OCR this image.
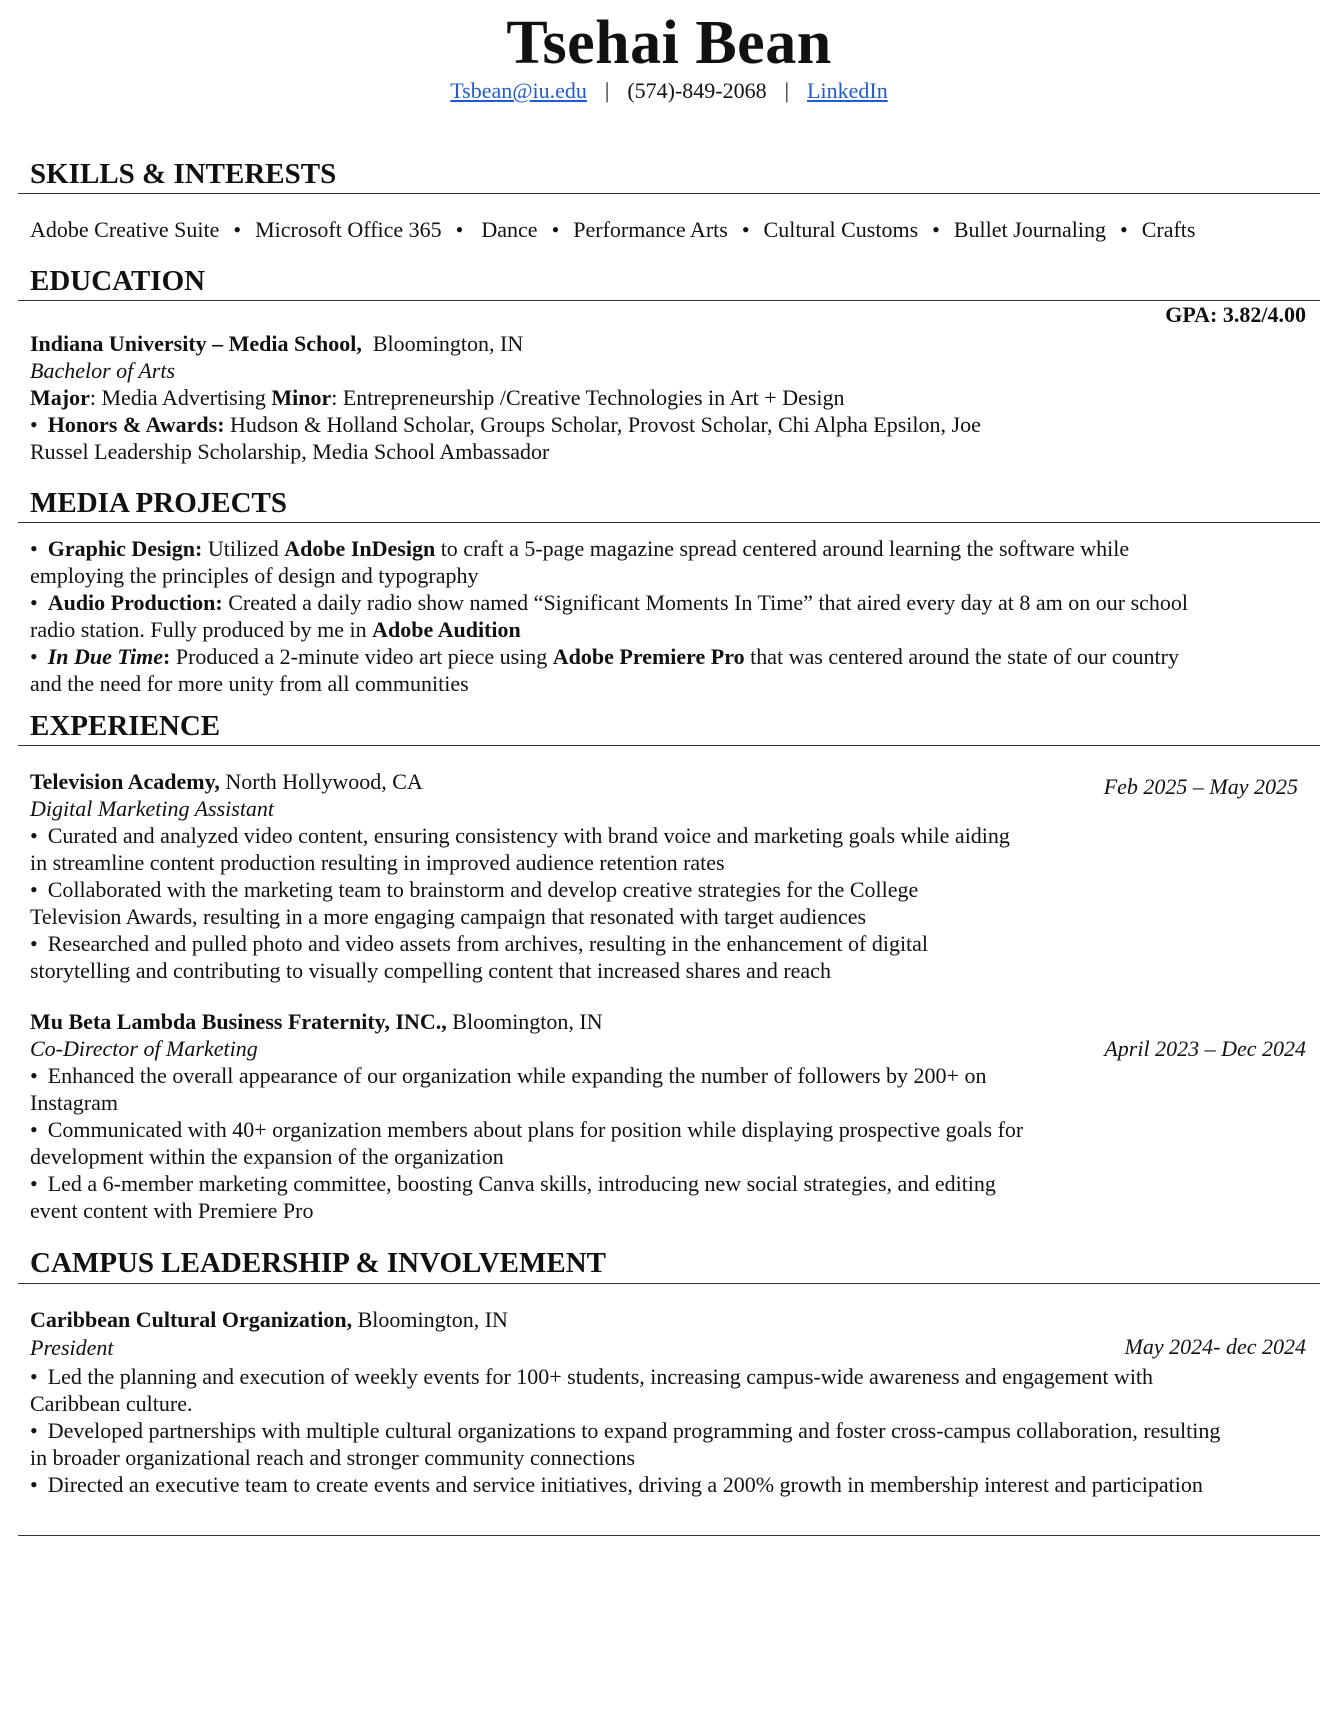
Tsehai Bean
Tsbean@iu.edu | (574)-849-2068 | LinkedIn
SKILLS & INTERESTS
Adobe Creative Suite • Microsoft Office 365 • Dance • Performance Arts • Cultural Customs • Bullet Journaling • Crafts
EDUCATION
GPA: 3.82/4.00
Indiana University – Media School, Bloomington, IN
Bachelor of Arts
Major: Media Advertising Minor: Entrepreneurship /Creative Technologies in Art + Design
• Honors & Awards: Hudson & Holland Scholar, Groups Scholar, Provost Scholar, Chi Alpha Epsilon, Joe
Russel Leadership Scholarship, Media School Ambassador
MEDIA PROJECTS
• Graphic Design: Utilized Adobe InDesign to craft a 5-page magazine spread centered around learning the software while
employing the principles of design and typography
• Audio Production: Created a daily radio show named “Significant Moments In Time” that aired every day at 8 am on our school
radio station. Fully produced by me in Adobe Audition
• In Due Time: Produced a 2-minute video art piece using Adobe Premiere Pro that was centered around the state of our country
and the need for more unity from all communities
EXPERIENCE
Television Academy, North Hollywood, CA	Feb 2025 – May 2025
Digital Marketing Assistant
• Curated and analyzed video content, ensuring consistency with brand voice and marketing goals while aiding
in streamline content production resulting in improved audience retention rates
• Collaborated with the marketing team to brainstorm and develop creative strategies for the College
Television Awards, resulting in a more engaging campaign that resonated with target audiences
• Researched and pulled photo and video assets from archives, resulting in the enhancement of digital
storytelling and contributing to visually compelling content that increased shares and reach
Mu Beta Lambda Business Fraternity, INC., Bloomington, IN
April 2023 – Dec 2024
Co-Director of Marketing
• Enhanced the overall appearance of our organization while expanding the number of followers by 200+ on
Instagram
• Communicated with 40+ organization members about plans for position while displaying prospective goals for
development within the expansion of the organization
• Led a 6-member marketing committee, boosting Canva skills, introducing new social strategies, and editing
event content with Premiere Pro
CAMPUS LEADERSHIP & INVOLVEMENT
Caribbean Cultural Organization, Bloomington, IN
President	May 2024- dec 2024
• Led the planning and execution of weekly events for 100+ students, increasing campus-wide awareness and engagement with
Caribbean culture.
• Developed partnerships with multiple cultural organizations to expand programming and foster cross-campus collaboration, resulting
in broader organizational reach and stronger community connections
• Directed an executive team to create events and service initiatives, driving a 200% growth in membership interest and participation
